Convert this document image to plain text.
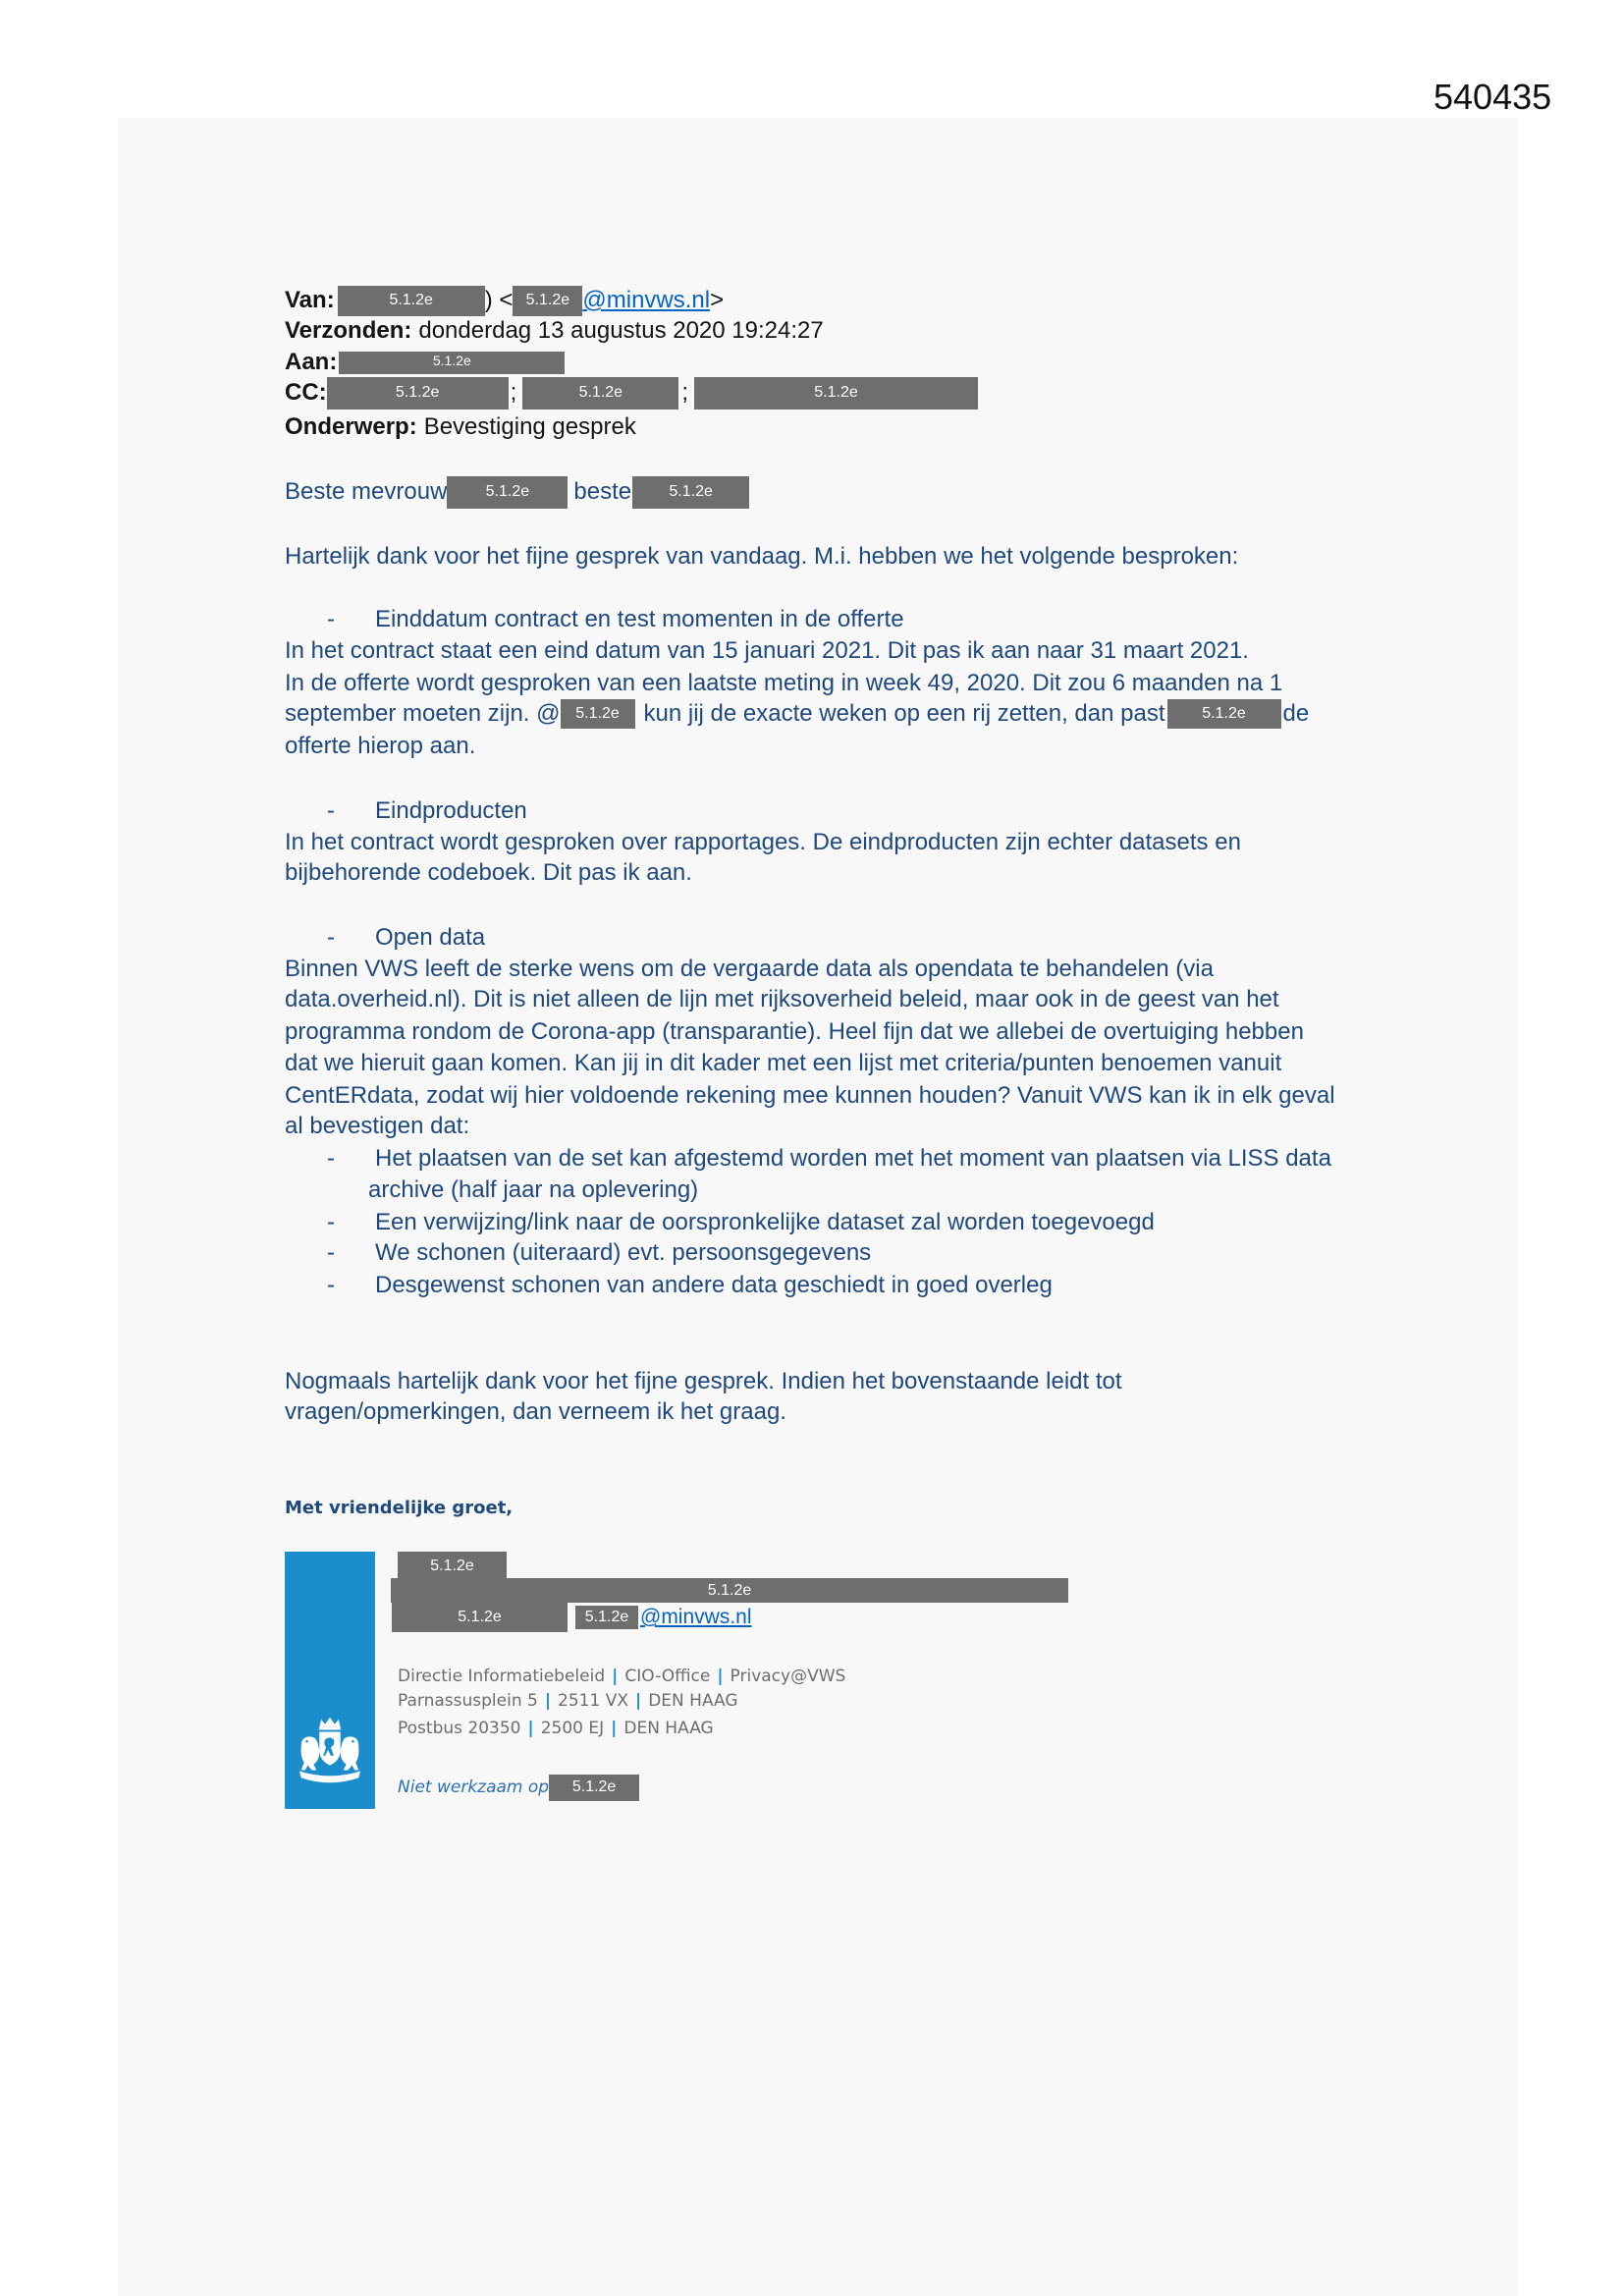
540435
Van:	5.1.2e	) < 5.1.2e @minvws.nl >
Verzonden: donderdag 13 augustus 2020 19:24:27
Aan:	5.1.2e
CC:	5.1.2e	;	5.1.2e	;	5.1.2e
Onderwerp: Bevestiging gesprek
Beste mevrouw	5.1.2e	beste	5.1.2e
Hartelijk dank voor het fijne gesprek van vandaag. M.i. hebben we het volgende besproken:
-	Einddatum contract en test momenten in de offerte
In het contract staat een eind datum van 15 januari 2021. Dit pas ik aan naar 31 maart 2021.
In de offerte wordt gesproken van een laatste meting in week 49, 2020. Dit zou 6 maanden na 1
september moeten zijn. @ 5.1.2e	kun jij de exacte weken op een rij zetten, dan past	5.1.2e	de
offerte hierop aan.
-	Eindproducten
In het contract wordt gesproken over rapportages. De eindproducten zijn echter datasets en
bijbehorende codeboek. Dit pas ik aan.
-	Open data
Binnen VWS leeft de sterke wens om de vergaarde data als opendata te behandelen (via
data.overheid.nl). Dit is niet alleen de lijn met rijksoverheid beleid, maar ook in de geest van het
programma rondom de Corona-app (transparantie). Heel fijn dat we allebei de overtuiging hebben
dat we hieruit gaan komen. Kan jij in dit kader met een lijst met criteria/punten benoemen vanuit
CentERdata, zodat wij hier voldoende rekening mee kunnen houden? Vanuit VWS kan ik in elk geval
al bevestigen dat:
-	Het plaatsen van de set kan afgestemd worden met het moment van plaatsen via LISS data
archive (half jaar na oplevering)
-	Een verwijzing/link naar de oorspronkelijke dataset zal worden toegevoegd
-	We schonen (uiteraard) evt. persoonsgegevens
-	Desgewenst schonen van andere data geschiedt in goed overleg
Nogmaals hartelijk dank voor het fijne gesprek. Indien het bovenstaande leidt tot
vragen/opmerkingen, dan verneem ik het graag.
Met vriendelijke groet,
5.1.2e
5.1.2e
5.1.2e	5.1.2e @minvws.nl
Directie Informatiebeleid | CIO-Office | Privacy@VWS
Parnassusplein 5 | 2511 VX | DEN HAAG
Postbus 20350 | 2500 EJ | DEN HAAG
Niet werkzaam op	5.1.2e
